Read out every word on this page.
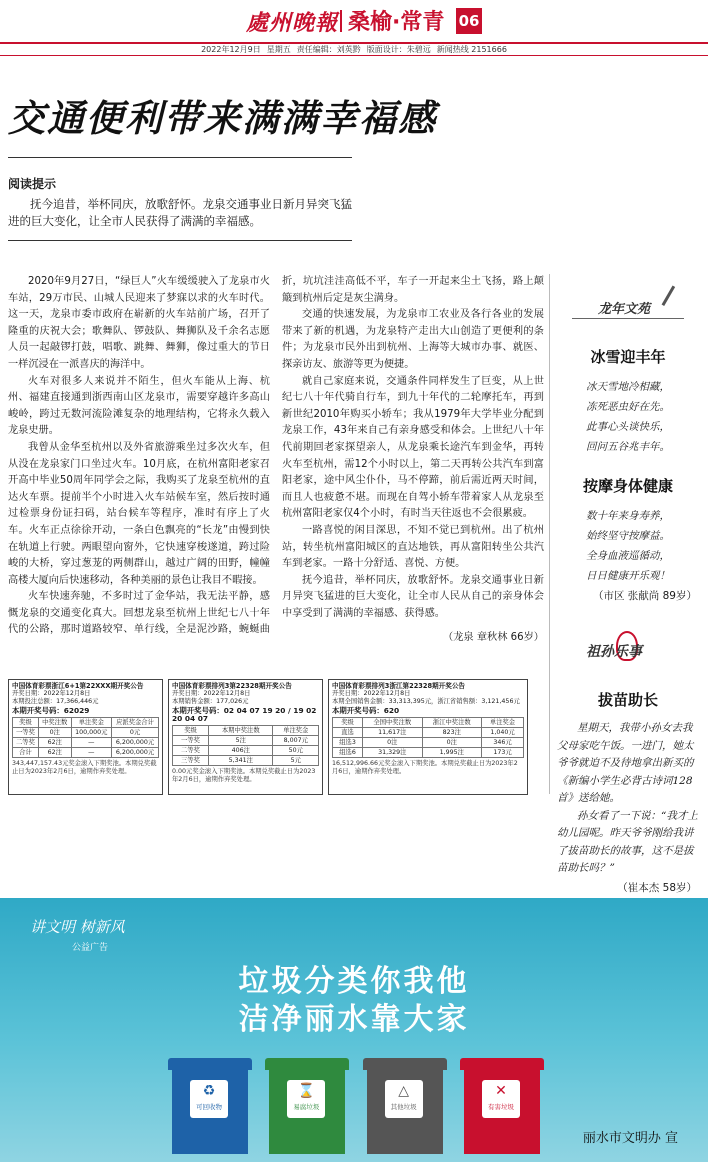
處州晚報 桑榆·常青 06
2022年12月9日 星期五 责任编辑：刘英黔 版面设计：朱碧远 新闻热线 2151666
交通便利带来满满幸福感
阅读提示
抚今追昔，举杯同庆，放歌舒怀。龙泉交通事业日新月异突飞猛进的巨大变化，让全市人民获得了满满的幸福感。

2020年9月27日，“绿巨人”火车缓缓驶入了龙泉市火车站，29万市民、山城人民迎来了梦寐以求的火车时代。这一天，龙泉市委市政府在崭新的火车站前广场，召开了隆重的庆祝大会；歌舞队、锣鼓队、舞狮队及千余名志愿人员一起敲锣打鼓，唱歌、跳舞、舞狮，像过重大的节日一样沉浸在一派喜庆的海洋中。

火车对很多人来说并不陌生，但火车能从上海、杭州、福建直接通到浙西南山区龙泉市，需要穿越许多高山峻岭，跨过无数河流险滩复杂的地理结构，它将永久载入龙泉史册。

我曾从金华至杭州以及外省旅游乘坐过多次火车，但从没在龙泉家门口坐过火车。10月底，在杭州富阳老家召开高中毕业50周年同学会之际，我购买了龙泉至杭州的直达火车票。提前半个小时进入火车站候车室，然后按时通过检票身份证扫码，站台候车等程序，准时有序上了火车。火车正点徐徐开动，一条白色飘亮的“长龙”由慢到快在轨道上行驶。两眼望向窗外，它快速穿梭遂道，跨过险峻的大桥，穿过葱茏的两侧群山，越过广阔的田野，幢幢高楼大厦向后快速移动，各种美丽的景色让我目不暇接。

火车快速奔驰，不多时过了金华站，我无法平静，感慨龙泉的交通变化真大。回想龙泉至杭州上世纪七八十年代的公路，那时道路较窄、单行线，全是泥沙路，蜿蜒曲折，坑坑洼洼高低不平，车子一开起来尘土飞扬，路上颠簸到杭州后定是灰尘满身。

交通的快速发展，为龙泉市工农业及各行各业的发展带来了新的机遇，为龙泉特产走出大山创造了更便利的条件；为龙泉市民外出到杭州、上海等大城市办事、就医、探亲访友、旅游等更为便捷。

就自己家庭来说，交通条件同样发生了巨变，从上世纪七八十年代骑自行车，到九十年代的二轮摩托车，再到新世纪2010年购买小轿车；我从1979年大学毕业分配到龙泉工作，43年来自己有亲身感受和体会。上世纪八十年代前期回老家探望亲人，从龙泉乘长途汽车到金华，再转火车至杭州，需12个小时以上，第二天再转公共汽车到富阳老家，途中风尘仆仆，马不停蹄，前后需近两天时间，而且人也疲惫不堪。而现在自驾小轿车带着家人从龙泉至杭州富阳老家仅4个小时，有时当天往返也不会很累疲。

一路喜悦的闲目深思，不知不觉已到杭州。出了杭州站，转坐杭州富阳城区的直达地铁，再从富阳转坐公共汽车到老家。一路十分舒适、喜悦、方便。

抚今追昔，举杯同庆，放歌舒怀。龙泉交通事业日新月异突飞猛进的巨大变化，让全市人民从自己的亲身体会中享受到了满满的幸福感、获得感。

（龙泉 章秋林 66岁）

龙年文苑
冰雪迎丰年
冰天雪地冷相藏，
冻死恶虫好在先。
此事心头谈快乐，
回问五谷兆丰年。
按摩身体健康
数十年来身寿养，
始终坚守按摩益。
全身血液巡循动，
日日健康开乐观！
（市区 张献尚 89岁）
祖孙乐事
拔苗助长

星期天，我带小孙女去我父母家吃午饭。一进门，她太爷爷就迫不及待地拿出新买的《新编小学生必背古诗词128首》送给她。

孙女看了一下说：“我才上幼儿园呢。昨天爷爷刚给我讲了拔苗助长的故事，这不是拔苗助长吗？”

（崔本杰 58岁）
中国体育彩票浙江6+1第22XXX期开奖公告
开奖日期：2022年12月8日
本期投注总额：17,366,446元
本期开奖号码：62029
奖级	中奖注数	单注奖金	应派奖金合计
一等奖	0注	100,000元	0元
二等奖	62注	—	6,200,000元
合计	62注	—	6,200,000元
343,447,157.43元奖金滚入下期奖池。本期兑奖截止日为2023年2月6日，逾期作弃奖处理。
中国体育彩票排列3第22328期开奖公告
开奖日期：2022年12月8日
本期销售金额：177,026元
本期开奖号码：02 04 07 19 20 / 19 02 20 04 07
奖级	本期中奖注数	单注奖金
一等奖	5注	8,007元
二等奖	406注	50元
三等奖	5,341注	5元
0.00元奖金滚入下期奖池。本期兑奖截止日为2023年2月6日，逾期作弃奖处理。
中国体育彩票排列3浙江第22328期开奖公告
开奖日期：2022年12月8日
本期全国销售金额：33,313,395元，浙江省销售额：3,121,456元
本期开奖号码：620
奖级	全国中奖注数	浙江中奖注数	单注奖金
直选	11,617注	823注	1,040元
组选3	0注	0注	346元
组选6	31,329注	1,995注	173元
16,512,996.66元奖金滚入下期奖池。本期兑奖截止日为2023年2月6日，逾期作弃奖处理。
讲文明 树新风
公益广告
垃圾分类你我他
洁净丽水靠大家
♻
可回收物
⌛
易腐垃圾
△
其他垃圾
✕
有害垃圾
丽水市文明办 宣
